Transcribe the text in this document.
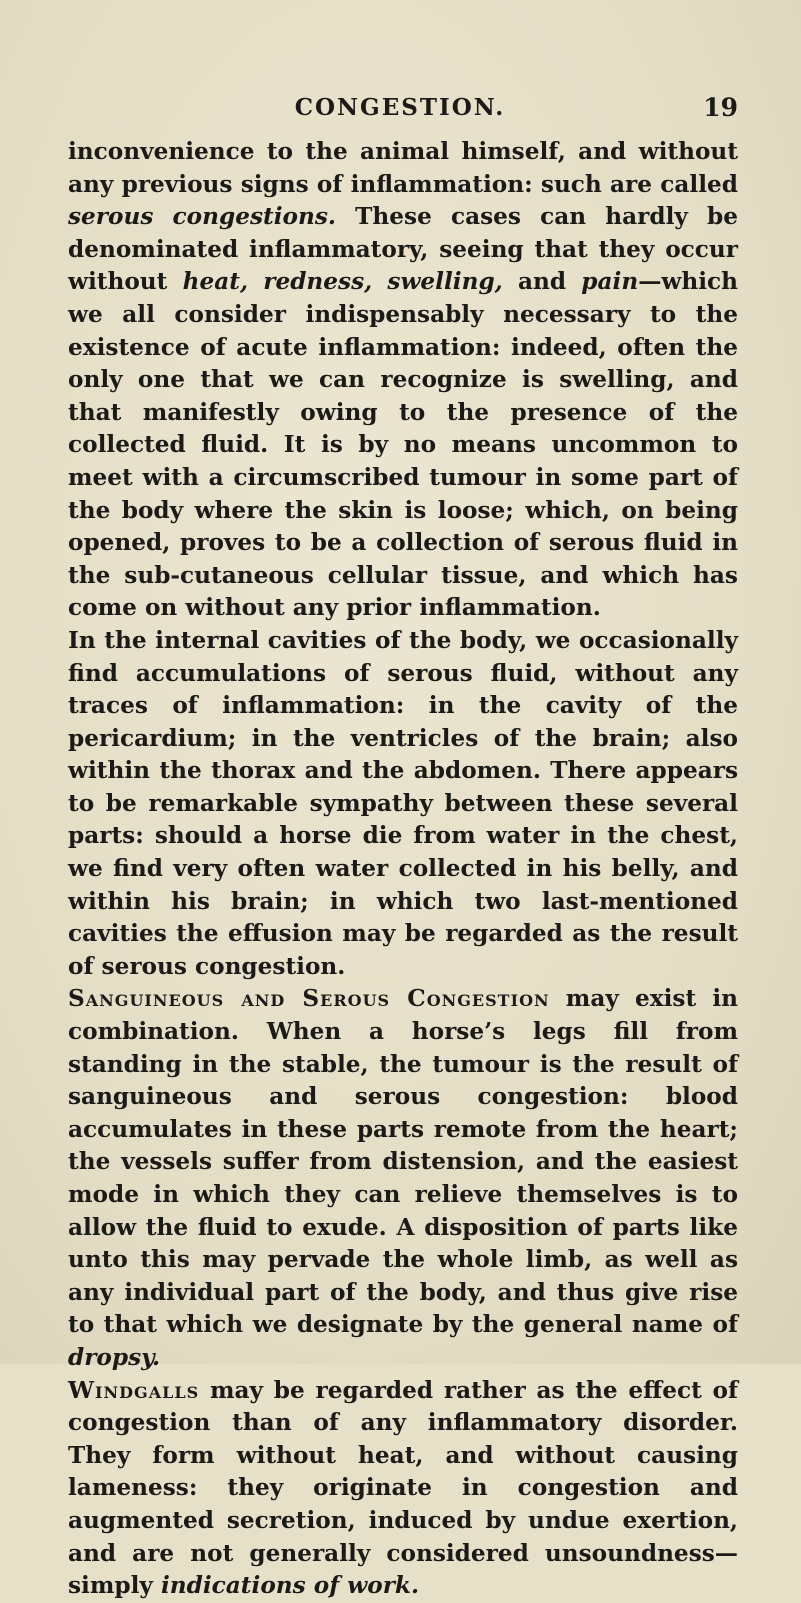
CONGESTION.	19

inconvenience to the animal himself, and without any previous signs of inflammation: such are called serous congestions. These cases can hardly be denominated inflammatory, seeing that they occur without heat, redness, swelling, and pain—which we all consider indispensably necessary to the existence of acute inflammation: indeed, often the only one that we can recognize is swelling, and that manifestly owing to the presence of the collected fluid. It is by no means uncommon to meet with a circumscribed tumour in some part of the body where the skin is loose; which, on being opened, proves to be a collection of serous fluid in the sub-cutaneous cellular tissue, and which has come on without any prior inflammation.

In the internal cavities of the body, we occasionally find accumulations of serous fluid, without any traces of inflammation: in the cavity of the pericardium; in the ventricles of the brain; also within the thorax and the abdomen. There appears to be remarkable sympathy between these several parts: should a horse die from water in the chest, we find very often water collected in his belly, and within his brain; in which two last-mentioned cavities the effusion may be regarded as the result of serous congestion.

Sanguineous and Serous Congestion may exist in combination. When a horse’s legs fill from standing in the stable, the tumour is the result of sanguineous and serous congestion: blood accumulates in these parts remote from the heart; the vessels suffer from distension, and the easiest mode in which they can relieve themselves is to allow the fluid to exude. A disposition of parts like unto this may pervade the whole limb, as well as any individual part of the body, and thus give rise to that which we designate by the general name of dropsy.

Windgalls may be regarded rather as the effect of congestion than of any inflammatory disorder. They form without heat, and without causing lameness: they originate in congestion and augmented secretion, induced by undue exertion, and are not generally considered unsoundness—simply indications of work.
